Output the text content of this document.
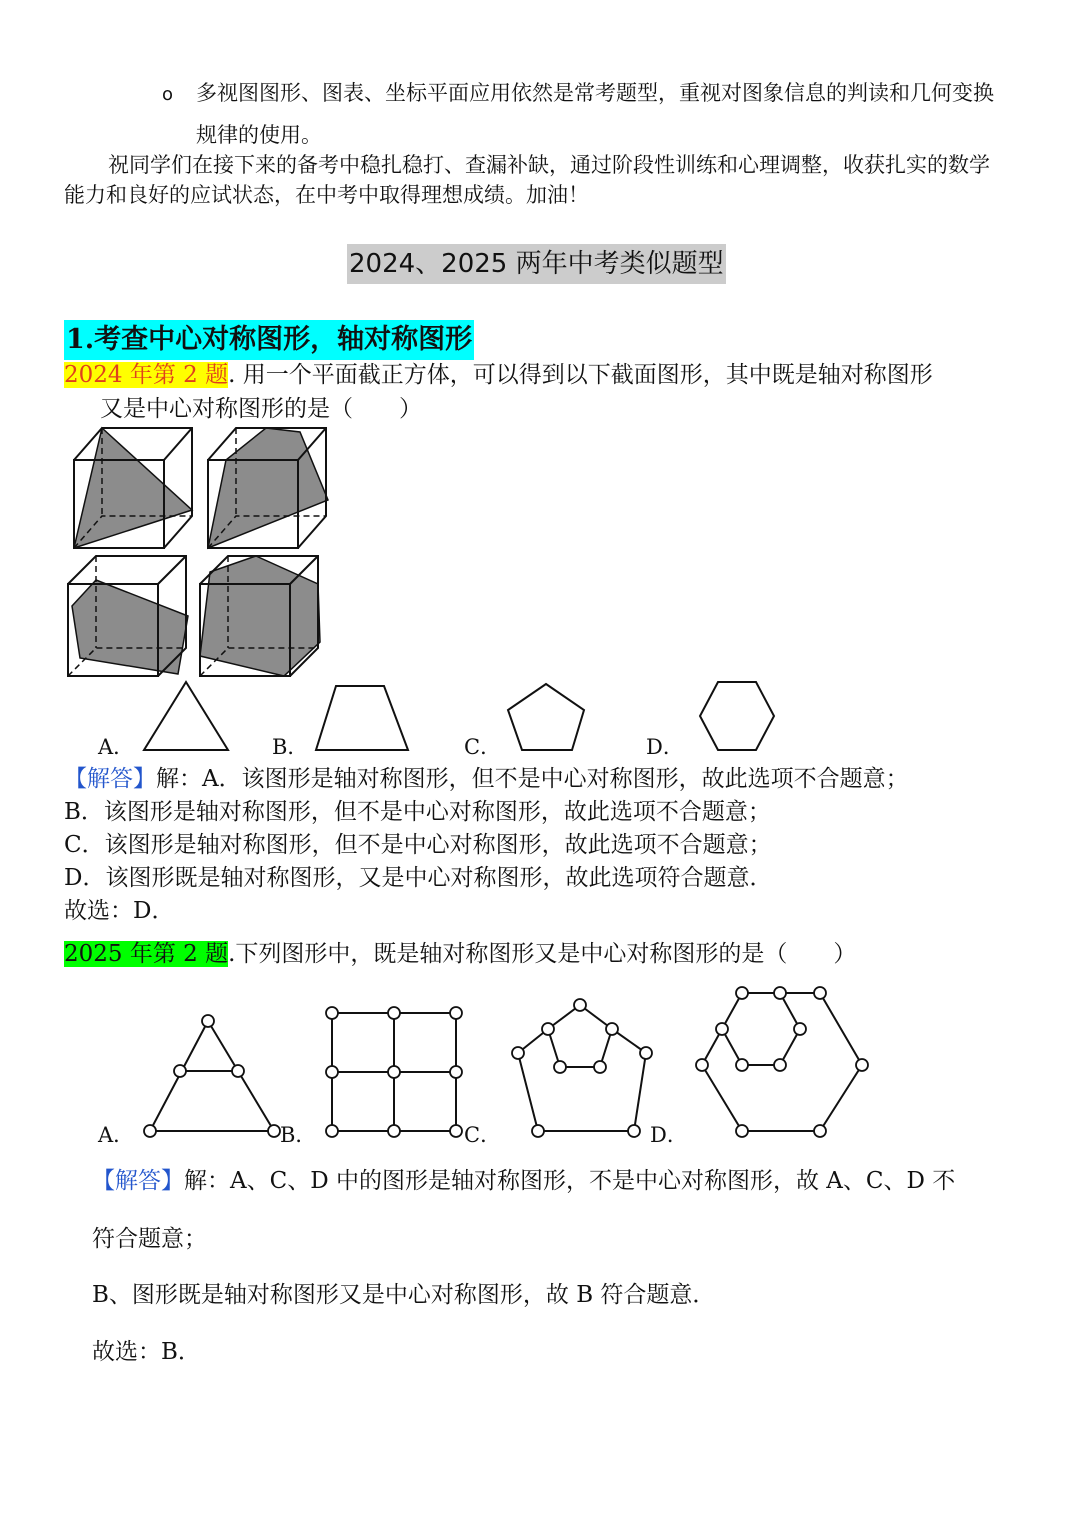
o 多视图图形、图表、坐标平面应用依然是常考题型，重视对图象信息的判读和几何变换
规律的使用。
祝同学们在接下来的备考中稳扎稳打、查漏补缺，通过阶段性训练和心理调整，收获扎实的数学
能力和良好的应试状态，在中考中取得理想成绩。加油！
2024、2025 两年中考类似题型
1.考查中心对称图形，轴对称图形
2024 年第 2 题. 用一个平面截正方体，可以得到以下截面图形，其中既是轴对称图形
又是中心对称图形的是（　　）
A．	B．	C．	D．
【解答】解：A．该图形是轴对称图形，但不是中心对称图形，故此选项不合题意；
B．该图形是轴对称图形，但不是中心对称图形，故此选项不合题意；
C．该图形是轴对称图形，但不是中心对称图形，故此选项不合题意；
D．该图形既是轴对称图形，又是中心对称图形，故此选项符合题意．
故选：D．
2025 年第 2 题.下列图形中，既是轴对称图形又是中心对称图形的是（　　）
A．	B．	C．	D．
【解答】解：A、C、D 中的图形是轴对称图形，不是中心对称图形，故 A、C、D 不
符合题意；
B、图形既是轴对称图形又是中心对称图形，故 B 符合题意．
故选：B．
